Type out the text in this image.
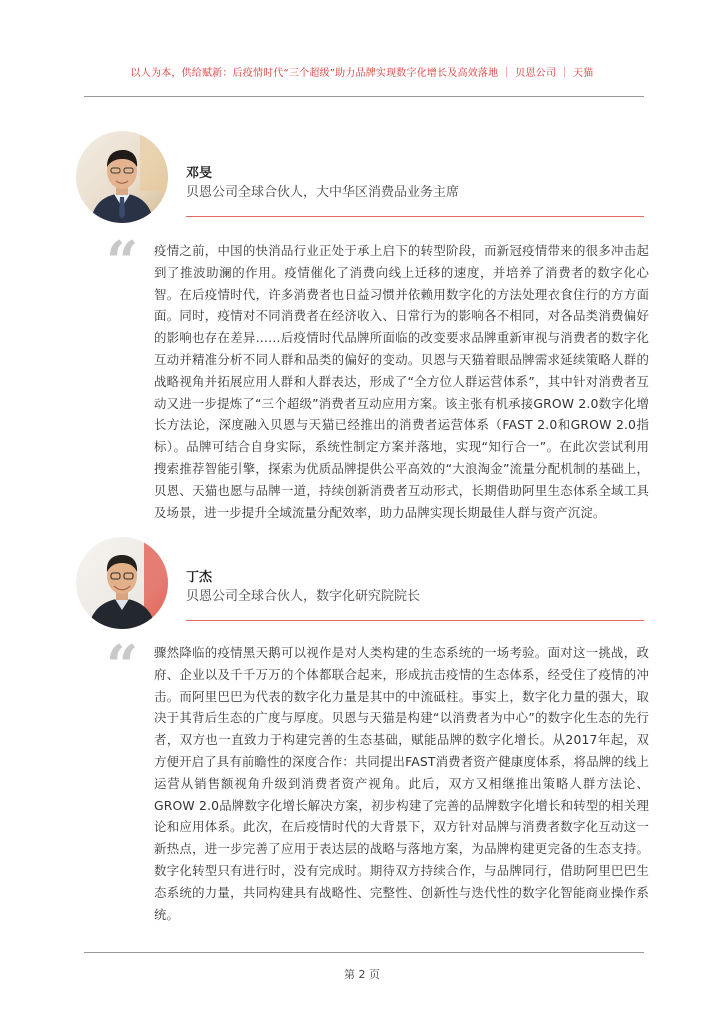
以人为本，供给赋新：后疫情时代“三个超级”助力品牌实现数字化增长及高效落地 ｜ 贝恩公司 ｜ 天猫
邓旻
贝恩公司全球合伙人，大中华区消费品业务主席
“ 疫情之前，中国的快消品行业正处于承上启下的转型阶段，而新冠疫情带来的很多冲击起到了推波助澜的作用。疫情催化了消费向线上迁移的速度，并培养了消费者的数字化心智。在后疫情时代，许多消费者也日益习惯并依赖用数字化的方法处理衣食住行的方方面面。同时，疫情对不同消费者在经济收入、日常行为的影响各不相同，对各品类消费偏好的影响也存在差异……后疫情时代品牌所面临的改变要求品牌重新审视与消费者的数字化互动并精准分析不同人群和品类的偏好的变动。贝恩与天猫着眼品牌需求延续策略人群的战略视角并拓展应用人群和人群表达，形成了“全方位人群运营体系”，其中针对消费者互动又进一步提炼了“三个超级”消费者互动应用方案。该主张有机承接GROW 2.0数字化增长方法论，深度融入贝恩与天猫已经推出的消费者运营体系（FAST 2.0和GROW 2.0指标）。品牌可结合自身实际，系统性制定方案并落地，实现“知行合一”。在此次尝试利用搜索推荐智能引擎，探索为优质品牌提供公平高效的“大浪淘金”流量分配机制的基础上，贝恩、天猫也愿与品牌一道，持续创新消费者互动形式，长期借助阿里生态体系全域工具及场景，进一步提升全域流量分配效率，助力品牌实现长期最佳人群与资产沉淀。
丁杰
贝恩公司全球合伙人，数字化研究院院长
“ 骤然降临的疫情黑天鹅可以视作是对人类构建的生态系统的一场考验。面对这一挑战，政府、企业以及千千万万的个体都联合起来，形成抗击疫情的生态体系，经受住了疫情的冲击。而阿里巴巴为代表的数字化力量是其中的中流砥柱。事实上，数字化力量的强大，取决于其背后生态的广度与厚度。贝恩与天猫是构建“以消费者为中心”的数字化生态的先行者，双方也一直致力于构建完善的生态基础，赋能品牌的数字化增长。从2017年起，双方便开启了具有前瞻性的深度合作：共同提出FAST消费者资产健康度体系，将品牌的线上运营从销售额视角升级到消费者资产视角。此后，双方又相继推出策略人群方法论、GROW 2.0品牌数字化增长解决方案，初步构建了完善的品牌数字化增长和转型的相关理论和应用体系。此次，在后疫情时代的大背景下，双方针对品牌与消费者数字化互动这一新热点，进一步完善了应用于表达层的战略与落地方案，为品牌构建更完备的生态支持。数字化转型只有进行时，没有完成时。期待双方持续合作，与品牌同行，借助阿里巴巴生态系统的力量，共同构建具有战略性、完整性、创新性与迭代性的数字化智能商业操作系统。
第 2 页
